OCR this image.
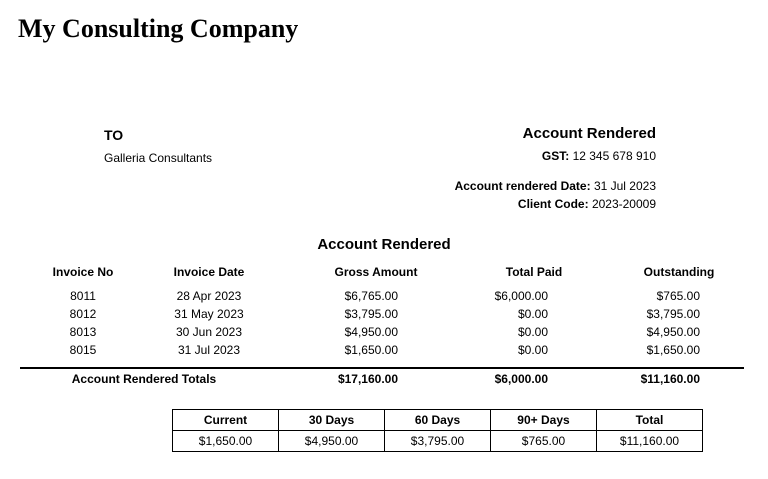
My Consulting Company
TO
Galleria Consultants
Account Rendered
GST: 12 345 678 910
Account rendered Date: 31 Jul 2023
Client Code: 2023-20009
Account Rendered
Invoice No	Invoice Date	Gross Amount	Total Paid	Outstanding
8011	28 Apr 2023	$6,765.00	$6,000.00	$765.00
8012	31 May 2023	$3,795.00	$0.00	$3,795.00
8013	30 Jun 2023	$4,950.00	$0.00	$4,950.00
8015	31 Jul 2023	$1,650.00	$0.00	$1,650.00
Account Rendered Totals	$17,160.00	$6,000.00	$11,160.00
Current	30 Days	60 Days	90+ Days	Total
$1,650.00	$4,950.00	$3,795.00	$765.00	$11,160.00
